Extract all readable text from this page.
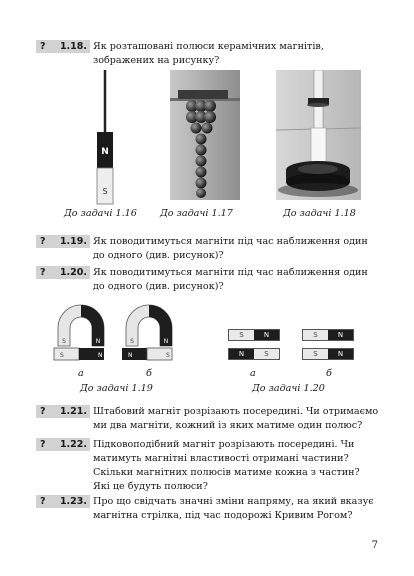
? 1.18. Як розташовані полюси керамічних магнітів, зображених на рисунку?
N
S
До задачі 1.16 До задачі 1.17	До задачі 1.18
? 1.19. Як поводитимуться магніти під час наближення один до одного (див. рисунок)?
? 1.20. Як поводитимуться магніти під час наближення один до одного (див. рисунок)?
S	N
S	N
S	N
N	S
а	б
До задачі 1.19
S	N
N	S
S	N
S	N
а	б
До задачі 1.20
? 1.21. Штабовий магніт розрізають посередині. Чи отримаємо ми два магніти, кожний із яких матиме один полюс?
? 1.22. Підковоподібний магніт розрізають посередині. Чи матимуть магнітні властивості отримані частини? Скільки магнітних полюсів матиме кожна з частин? Які це будуть полюси?
? 1.23. Про що свідчать значні зміни напряму, на який вказує магнітна стрілка, під час подорожі Кривим Рогом?
7
